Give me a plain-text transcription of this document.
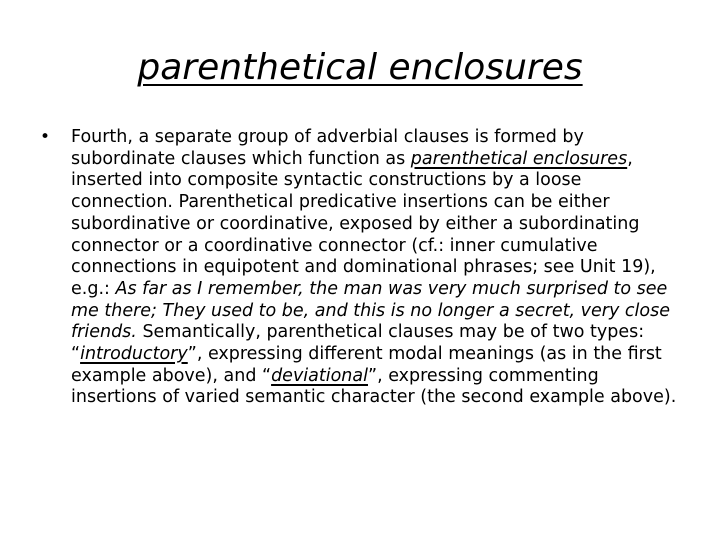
parenthetical enclosures
• Fourth, a separate group of adverbial clauses is formed by
subordinate clauses which function as parenthetical enclosures,
inserted into composite syntactic constructions by a loose
connection. Parenthetical predicative insertions can be either
subordinative or coordinative, exposed by either a subordinating
connector or a coordinative connector (cf.: inner cumulative
connections in equipotent and dominational phrases; see Unit 19),
e.g.: As far as I remember, the man was very much surprised to see
me there; They used to be, and this is no longer a secret, very close
friends. Semantically, parenthetical clauses may be of two types:
“introductory”, expressing different modal meanings (as in the first
example above), and “deviational”, expressing commenting
insertions of varied semantic character (the second example above).
